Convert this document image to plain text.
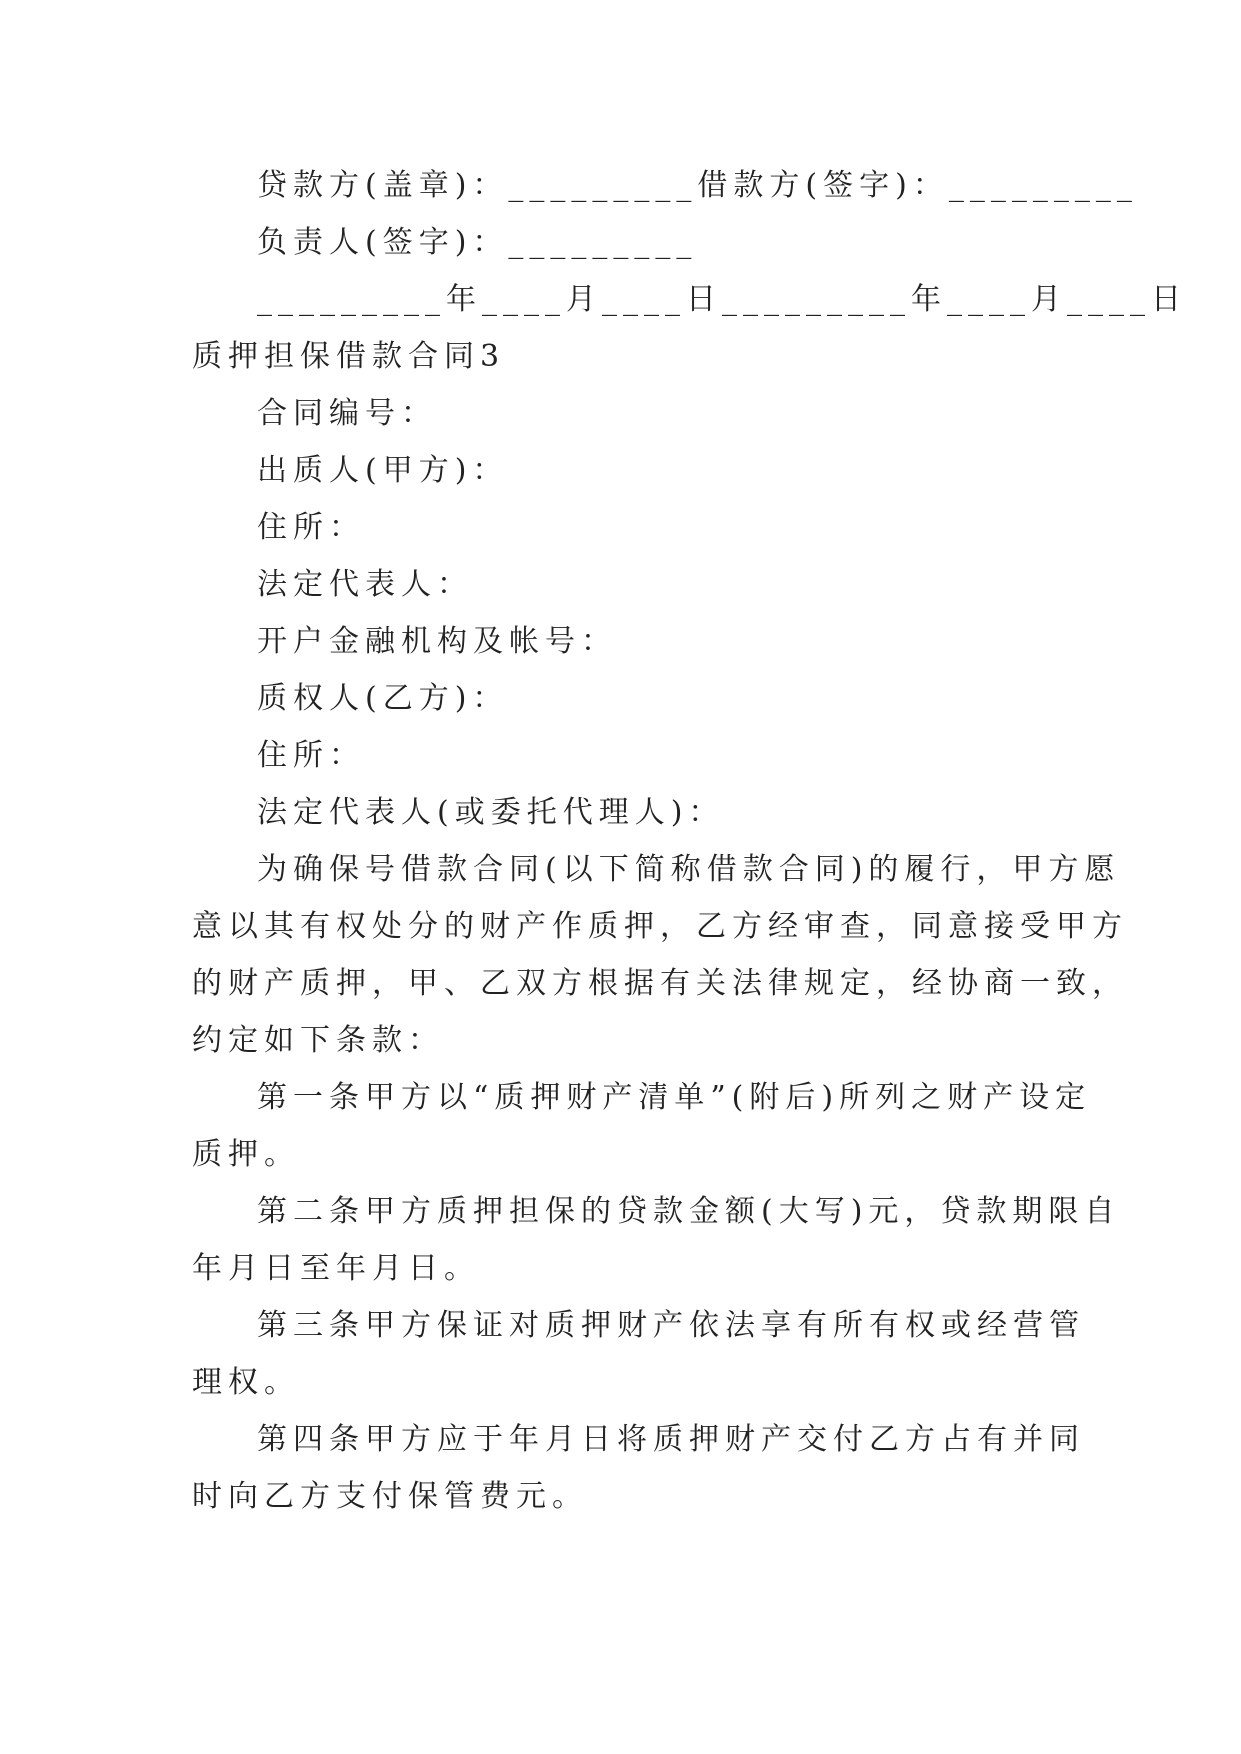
贷款方(盖章)：_________借款方(签字)：_________
负责人(签字)：_________
_________年____月____日_________年____月____日
质押担保借款合同3
合同编号：
出质人(甲方)：
住所：
法定代表人：
开户金融机构及帐号：
质权人(乙方)：
住所：
法定代表人(或委托代理人)：
为确保号借款合同(以下简称借款合同)的履行，甲方愿
意以其有权处分的财产作质押，乙方经审查，同意接受甲方
的财产质押，甲、乙双方根据有关法律规定，经协商一致，
约定如下条款：
第一条甲方以“质押财产清单”(附后)所列之财产设定
质押。
第二条甲方质押担保的贷款金额(大写)元，贷款期限自
年月日至年月日。
第三条甲方保证对质押财产依法享有所有权或经营管
理权。
第四条甲方应于年月日将质押财产交付乙方占有并同
时向乙方支付保管费元。
